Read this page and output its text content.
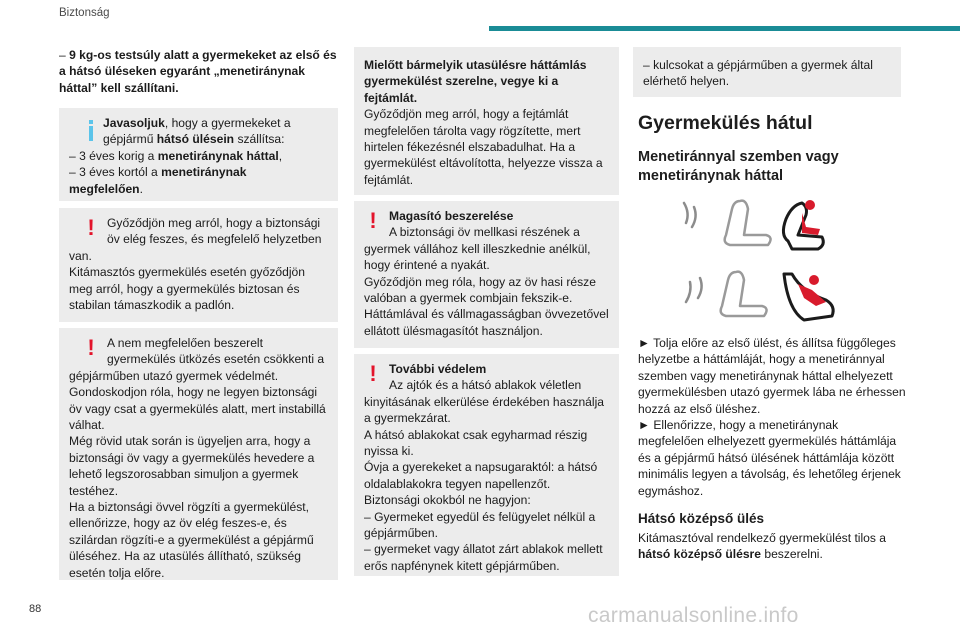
Biztonság

– 9 kg-os testsúly alatt a gyermekeket az első és a hátsó üléseken egyaránt „menetiránynak háttal” kell szállítani.

Javasoljuk, hogy a gyermekeket a

gépjármű hátsó ülésein szállítsa:

– 3 éves korig a menetiránynak háttal,

– 3 éves kortól a menetiránynak

megfelelően.

!	Győződjön meg arról, hogy a biztonsági

öv elég feszes, és megfelelő helyzetben

van.
Kitámasztós gyermekülés esetén győződjön meg arról, hogy a gyermekülés biztosan és stabilan támaszkodik a padlón.

!	A nem megfelelően beszerelt

gyermekülés ütközés esetén csökkenti a

gépjárműben utazó gyermek védelmét.
Gondoskodjon róla, hogy ne legyen biztonsági öv vagy csat a gyermekülés alatt, mert instabillá válhat.
Még rövid utak során is ügyeljen arra, hogy a biztonsági öv vagy a gyermekülés hevedere a lehető legszorosabban simuljon a gyermek testéhez.
Ha a biztonsági övvel rögzíti a gyermekülést, ellenőrizze, hogy az öv elég feszes-e, és szilárdan rögzíti-e a gyermekülést a gépjármű üléséhez. Ha az utasülés állítható, szükség esetén tolja előre.

Mielőtt bármelyik utasülésre háttámlás gyermekülést szerelne, vegye ki a fejtámlát.

Győződjön meg arról, hogy a fejtámlát megfelelően tárolta vagy rögzítette, mert hirtelen fékezésnél elszabadulhat. Ha a gyermekülést eltávolította, helyezze vissza a fejtámlát.

!	Magasító beszerelése

A biztonsági öv mellkasi részének a

gyermek vállához kell illeszkednie anélkül, hogy érintené a nyakát.
Győződjön meg róla, hogy az öv hasi része valóban a gyermek combjain fekszik-e.
Háttámlával és vállmagasságban övvezetővel ellátott ülésmagasítót használjon.

!	További védelem

Az ajtók és a hátsó ablakok véletlen

kinyitásának elkerülése érdekében használja a gyermekzárat.
A hátsó ablakokat csak egyharmad részig nyissa ki.
Óvja a gyerekeket a napsugaraktól: a hátsó oldalablakokra tegyen napellenzőt.
Biztonsági okokból ne hagyjon:
– Gyermeket egyedül és felügyelet nélkül a gépjárműben.
– gyermeket vagy állatot zárt ablakok mellett erős napfénynek kitett gépjárműben.

– kulcsokat a gépjárműben a gyermek által elérhető helyen.

Gyermekülés hátul
Menetiránnyal szemben vagy menetiránynak háttal

► Tolja előre az első ülést, és állítsa függőleges helyzetbe a háttámláját, hogy a menetiránnyal szemben vagy menetiránynak háttal elhelyezett gyermekülésben utazó gyermek lába ne érhessen hozzá az első üléshez.
► Ellenőrizze, hogy a menetiránynak megfelelően elhelyezett gyermekülés háttámlája és a gépjármű hátsó ülésének háttámlája között minimális legyen a távolság, és lehetőleg érjenek egymáshoz.

Hátsó középső ülés

Kitámasztóval rendelkező gyermekülést tilos a hátsó középső ülésre beszerelni.

88	carmanualsonline.info
